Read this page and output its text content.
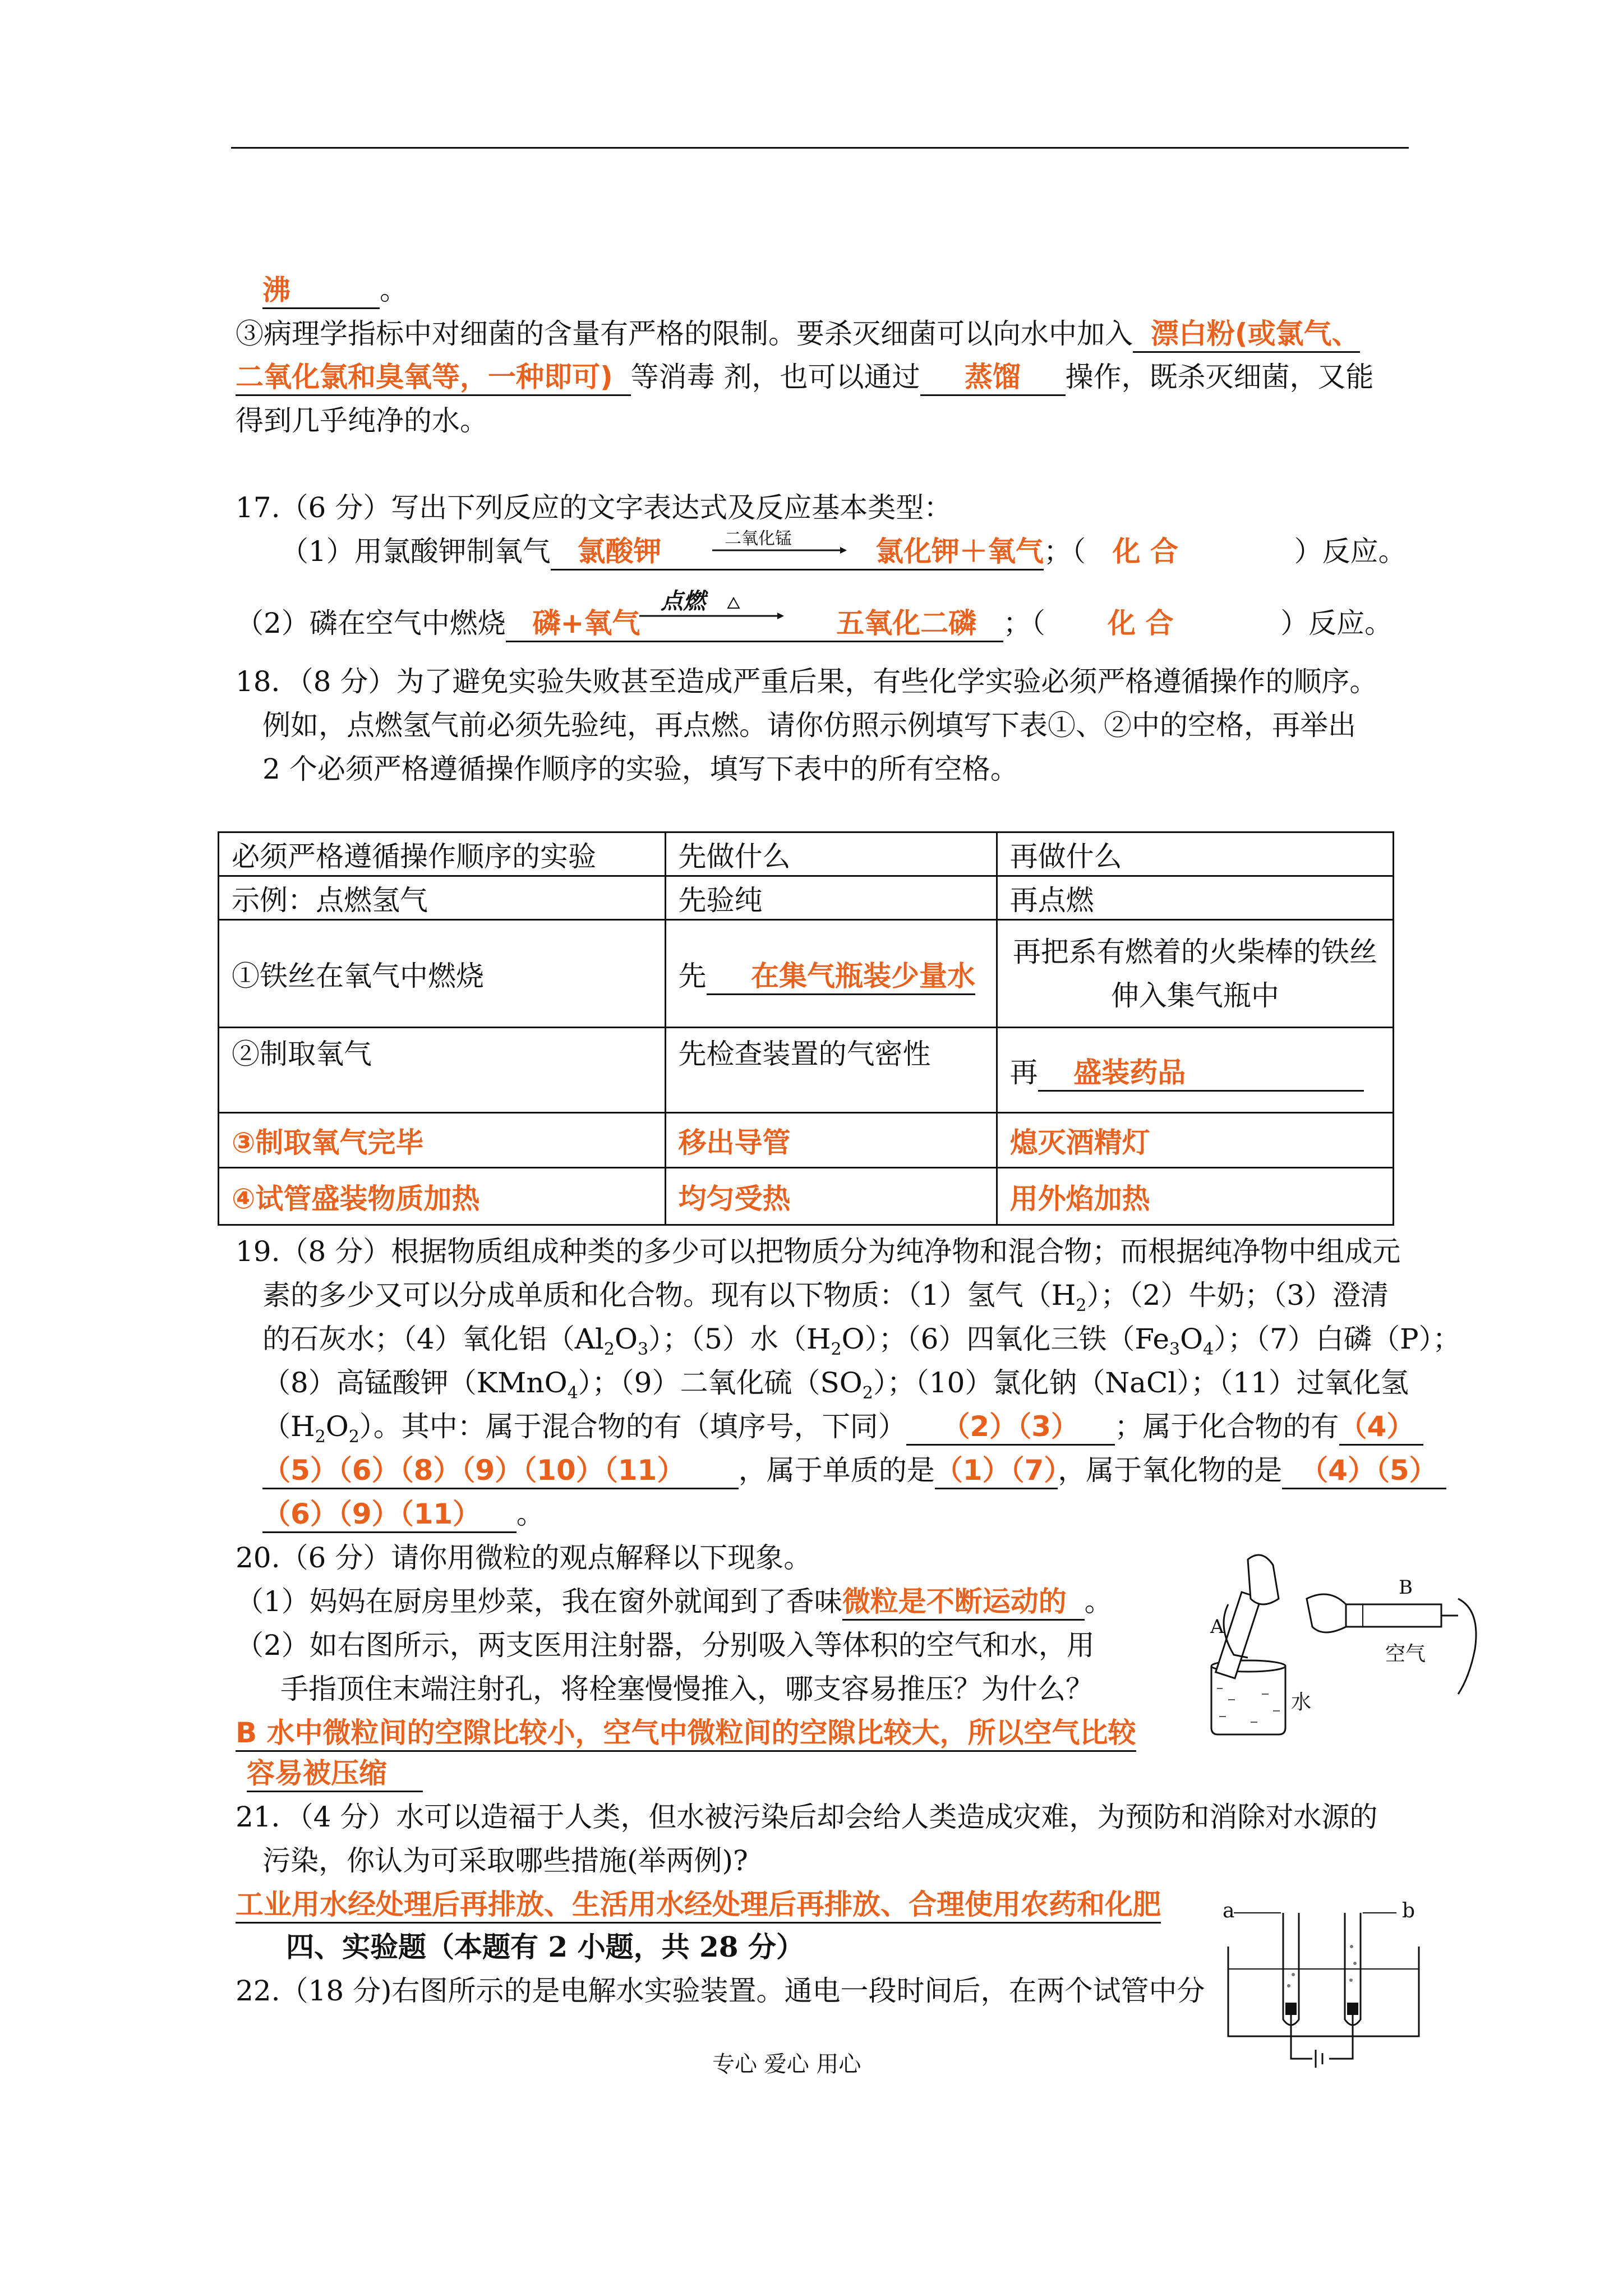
沸	。
③病理学指标中对细菌的含量有严格的限制。要杀灭细菌可以向水中加入 漂白粉(或氯气、
二氧化氯和臭氧等，一种即可) 等消毒 剂，也可以通过 蒸馏 操作，既杀灭细菌，又能
得到几乎纯净的水。
17.（6 分）写出下列反应的文字表达式及反应基本类型：
（1）用氯酸钾制氧气 氯酸钾	氯化钾＋氧气；（ 化 合	）反应。
二氧化锰
（2）磷在空气中燃烧 磷+氧气	五氧化二磷 ；（ 化 合	）反应。
点燃
18．（8 分）为了避免实验失败甚至造成严重后果，有些化学实验必须严格遵循操作的顺序。
例如，点燃氢气前必须先验纯，再点燃。请你仿照示例填写下表①、②中的空格，再举出
2 个必须严格遵循操作顺序的实验，填写下表中的所有空格。
必须严格遵循操作顺序的实验	先做什么	再做什么
示例：点燃氢气	先验纯	再点燃
①铁丝在氧气中燃烧	先 在集气瓶装少量水	再把系有燃着的火柴棒的铁丝伸入集气瓶中
②制取氧气	先检查装置的气密性	再 盛装药品
③制取氧气完毕	移出导管	熄灭酒精灯
④试管盛装物质加热	均匀受热	用外焰加热
19.（8 分）根据物质组成种类的多少可以把物质分为纯净物和混合物；而根据纯净物中组成元
素的多少又可以分成单质和化合物。现有以下物质：（1）氢气$(H_2)$；（2）牛奶；（3）澄清
的石灰水；（4）氧化铝$(Al_2O_3)$；（5）水$(H_2O)$；（6）四氧化三铁$(Fe_3O_4)$；（7）白磷（P）；
（8）高锰酸钾（KMnO$_4$）；（9）二氧化硫$(SO_2)$；（10）氯化钠（NaCl）；（11）过氧化氢
$(H_2O_2)$。其中：属于混合物的有（填序号，下同） （2）（3） ；属于化合物的有（4）
（5）（6）（8）（9）（10）（11） ，属于单质的是（1）（7），属于氧化物的是 （4）（5）
（6）（9）（11） 。
20.（6 分）请你用微粒的观点解释以下现象。
（1）妈妈在厨房里炒菜，我在窗外就闻到了香味微粒是不断运动的 。
（2）如右图所示，两支医用注射器，分别吸入等体积的空气和水，用
手指顶住末端注射孔，将栓塞慢慢推入，哪支容易推压？为什么？
B 水中微粒间的空隙比较小，空气中微粒间的空隙比较大，所以空气比较
容易被压缩
A
B
水
空气
21．（4 分）水可以造福于人类，但水被污染后却会给人类造成灾难，为预防和消除对水源的
污染，你认为可采取哪些措施(举两例)?
工业用水经处理后再排放、生活用水经处理后再排放、合理使用农药和化肥
四、实验题（本题有 2 小题，共 28 分）
22.（18 分)右图所示的是电解水实验装置。通电一段时间后，在两个试管中分
a	b
专心 爱心 用心
